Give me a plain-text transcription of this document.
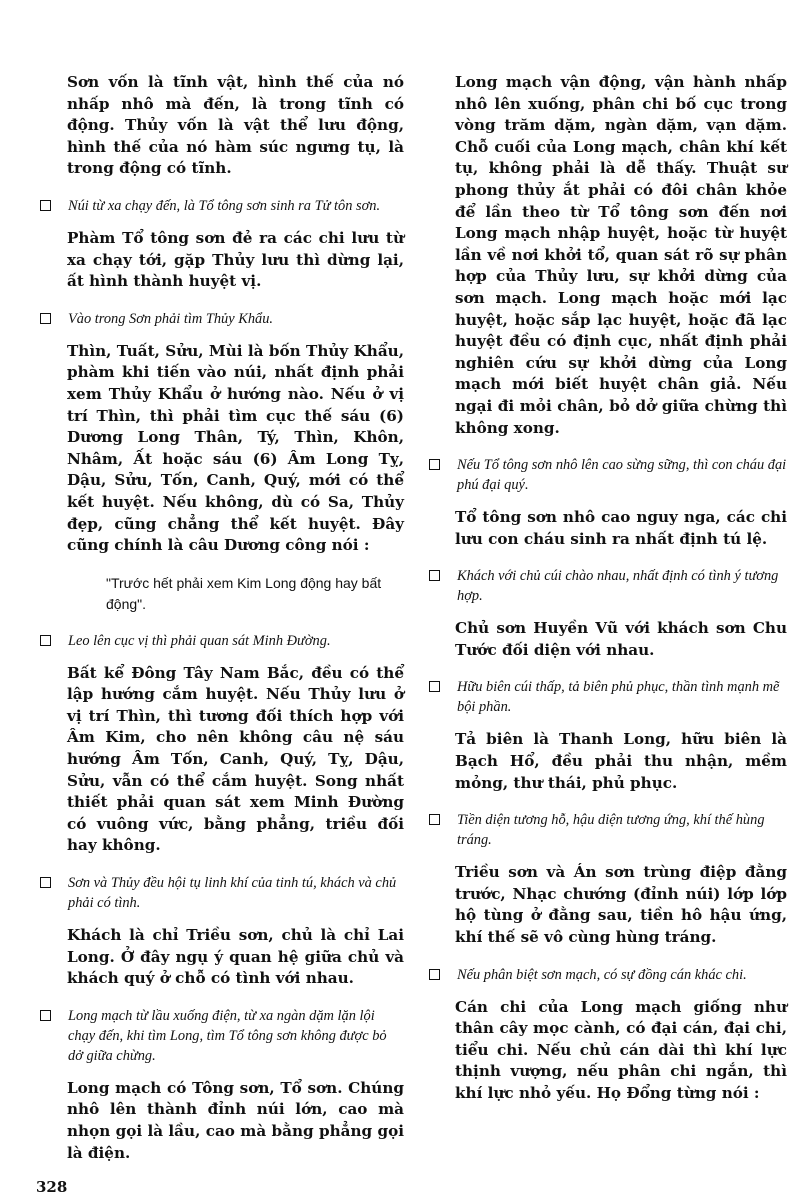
Sơn vốn là tĩnh vật, hình thế của nó nhấp nhô mà đến, là trong tĩnh có động. Thủy vốn là vật thể lưu động, hình thế của nó hàm súc ngưng tụ, là trong động có tĩnh.

Núi từ xa chạy đến, là Tổ tông sơn sinh ra Tử tôn sơn.

Phàm Tổ tông sơn đẻ ra các chi lưu từ xa chạy tới, gặp Thủy lưu thì dừng lại, ất hình thành huyệt vị.

Vào trong Sơn phải tìm Thủy Khẩu.

Thìn, Tuất, Sửu, Mùi là bốn Thủy Khẩu, phàm khi tiến vào núi, nhất định phải xem Thủy Khẩu ở hướng nào. Nếu ở vị trí Thìn, thì phải tìm cục thế sáu (6) Dương Long Thân, Tý, Thìn, Khôn, Nhâm, Ất hoặc sáu (6) Âm Long Tỵ, Dậu, Sửu, Tốn, Canh, Quý, mới có thể kết huyệt. Nếu không, dù có Sa, Thủy đẹp, cũng chẳng thể kết huyệt. Đây cũng chính là câu Dương công nói :

"Trước hết phải xem Kim Long động hay bất động".

Leo lên cục vị thì phải quan sát Minh Đường.

Bất kể Đông Tây Nam Bắc, đều có thể lập hướng cắm huyệt. Nếu Thủy lưu ở vị trí Thìn, thì tương đối thích hợp với Âm Kim, cho nên không câu nệ sáu hướng Âm Tốn, Canh, Quý, Tỵ, Dậu, Sửu, vẫn có thể cắm huyệt. Song nhất thiết phải quan sát xem Minh Đường có vuông vức, bằng phẳng, triều đối hay không.

Sơn và Thủy đều hội tụ linh khí của tinh tú, khách và chủ phải có tình.

Khách là chỉ Triều sơn, chủ là chỉ Lai Long. Ở đây ngụ ý quan hệ giữa chủ và khách quý ở chỗ có tình với nhau.

Long mạch từ lầu xuống điện, từ xa ngàn dặm lặn lội chạy đến, khi tìm Long, tìm Tổ tông sơn không được bỏ dở giữa chừng.

Long mạch có Tông sơn, Tổ sơn. Chúng nhô lên thành đỉnh núi lớn, cao mà nhọn gọi là lầu, cao mà bằng phẳng gọi là điện.

Long mạch vận động, vận hành nhấp nhô lên xuống, phân chi bố cục trong vòng trăm dặm, ngàn dặm, vạn dặm. Chỗ cuối của Long mạch, chân khí kết tụ, không phải là dễ thấy. Thuật sư phong thủy ắt phải có đôi chân khỏe để lần theo từ Tổ tông sơn đến nơi Long mạch nhập huyệt, hoặc từ huyệt lần về nơi khởi tổ, quan sát rõ sự phân hợp của Thủy lưu, sự khởi dừng của sơn mạch. Long mạch hoặc mới lạc huyệt, hoặc sắp lạc huyệt, hoặc đã lạc huyệt đều có định cục, nhất định phải nghiên cứu sự khởi dừng của Long mạch mới biết huyệt chân giả. Nếu ngại đi mỏi chân, bỏ dở giữa chừng thì không xong.

Nếu Tổ tông sơn nhô lên cao sừng sững, thì con cháu đại phú đại quý.

Tổ tông sơn nhô cao nguy nga, các chi lưu con cháu sinh ra nhất định tú lệ.

Khách với chủ cúi chào nhau, nhất định có tình ý tương hợp.

Chủ sơn Huyền Vũ với khách sơn Chu Tước đối diện với nhau.

Hữu biên cúi thấp, tả biên phủ phục, thần tình mạnh mẽ bội phần.

Tả biên là Thanh Long, hữu biên là Bạch Hổ, đều phải thu nhận, mềm mỏng, thư thái, phủ phục.

Tiền diện tương hỗ, hậu diện tương ứng, khí thế hùng tráng.

Triều sơn và Án sơn trùng điệp đằng trước, Nhạc chướng (đỉnh núi) lớp lớp hộ tùng ở đằng sau, tiền hô hậu ứng, khí thế sẽ vô cùng hùng tráng.

Nếu phân biệt sơn mạch, có sự đồng cán khác chi.

Cán chi của Long mạch giống như thân cây mọc cành, có đại cán, đại chi, tiểu chi. Nếu chủ cán dài thì khí lực thịnh vượng, nếu phân chi ngắn, thì khí lực nhỏ yếu. Họ Đổng từng nói :

328
